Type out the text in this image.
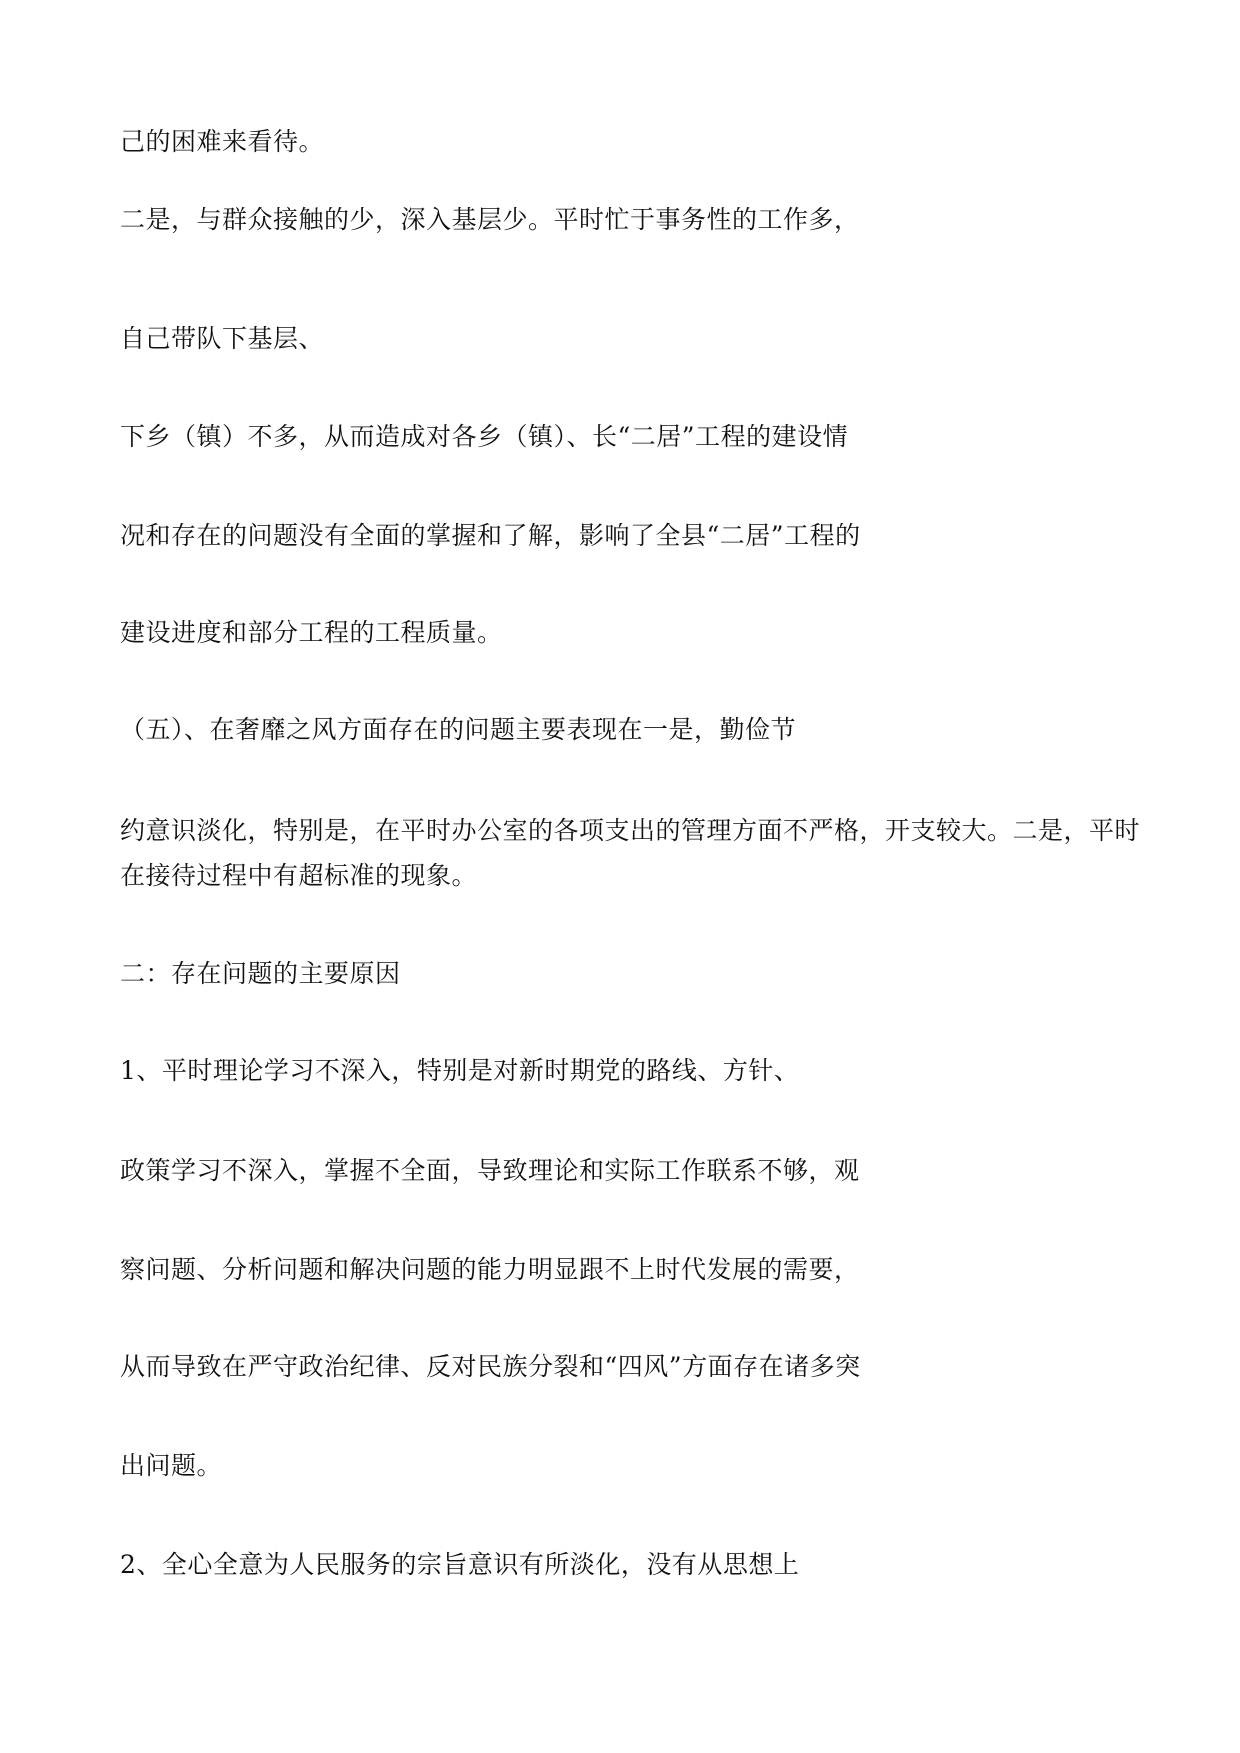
己的困难来看待。
二是，与群众接触的少，深入基层少。平时忙于事务性的工作多，
自己带队下基层、
下乡（镇）不多，从而造成对各乡（镇）、长“二居”工程的建设情
况和存在的问题没有全面的掌握和了解，影响了全县“二居”工程的
建设进度和部分工程的工程质量。
（五）、在奢靡之风方面存在的问题主要表现在一是，勤俭节
约意识淡化，特别是，在平时办公室的各项支出的管理方面不严格，开支较大。二是，平时
在接待过程中有超标准的现象。
二：存在问题的主要原因
1、平时理论学习不深入，特别是对新时期党的路线、方针、
政策学习不深入，掌握不全面，导致理论和实际工作联系不够，观
察问题、分析问题和解决问题的能力明显跟不上时代发展的需要，
从而导致在严守政治纪律、反对民族分裂和“四风”方面存在诸多突
出问题。
2、全心全意为人民服务的宗旨意识有所淡化，没有从思想上
